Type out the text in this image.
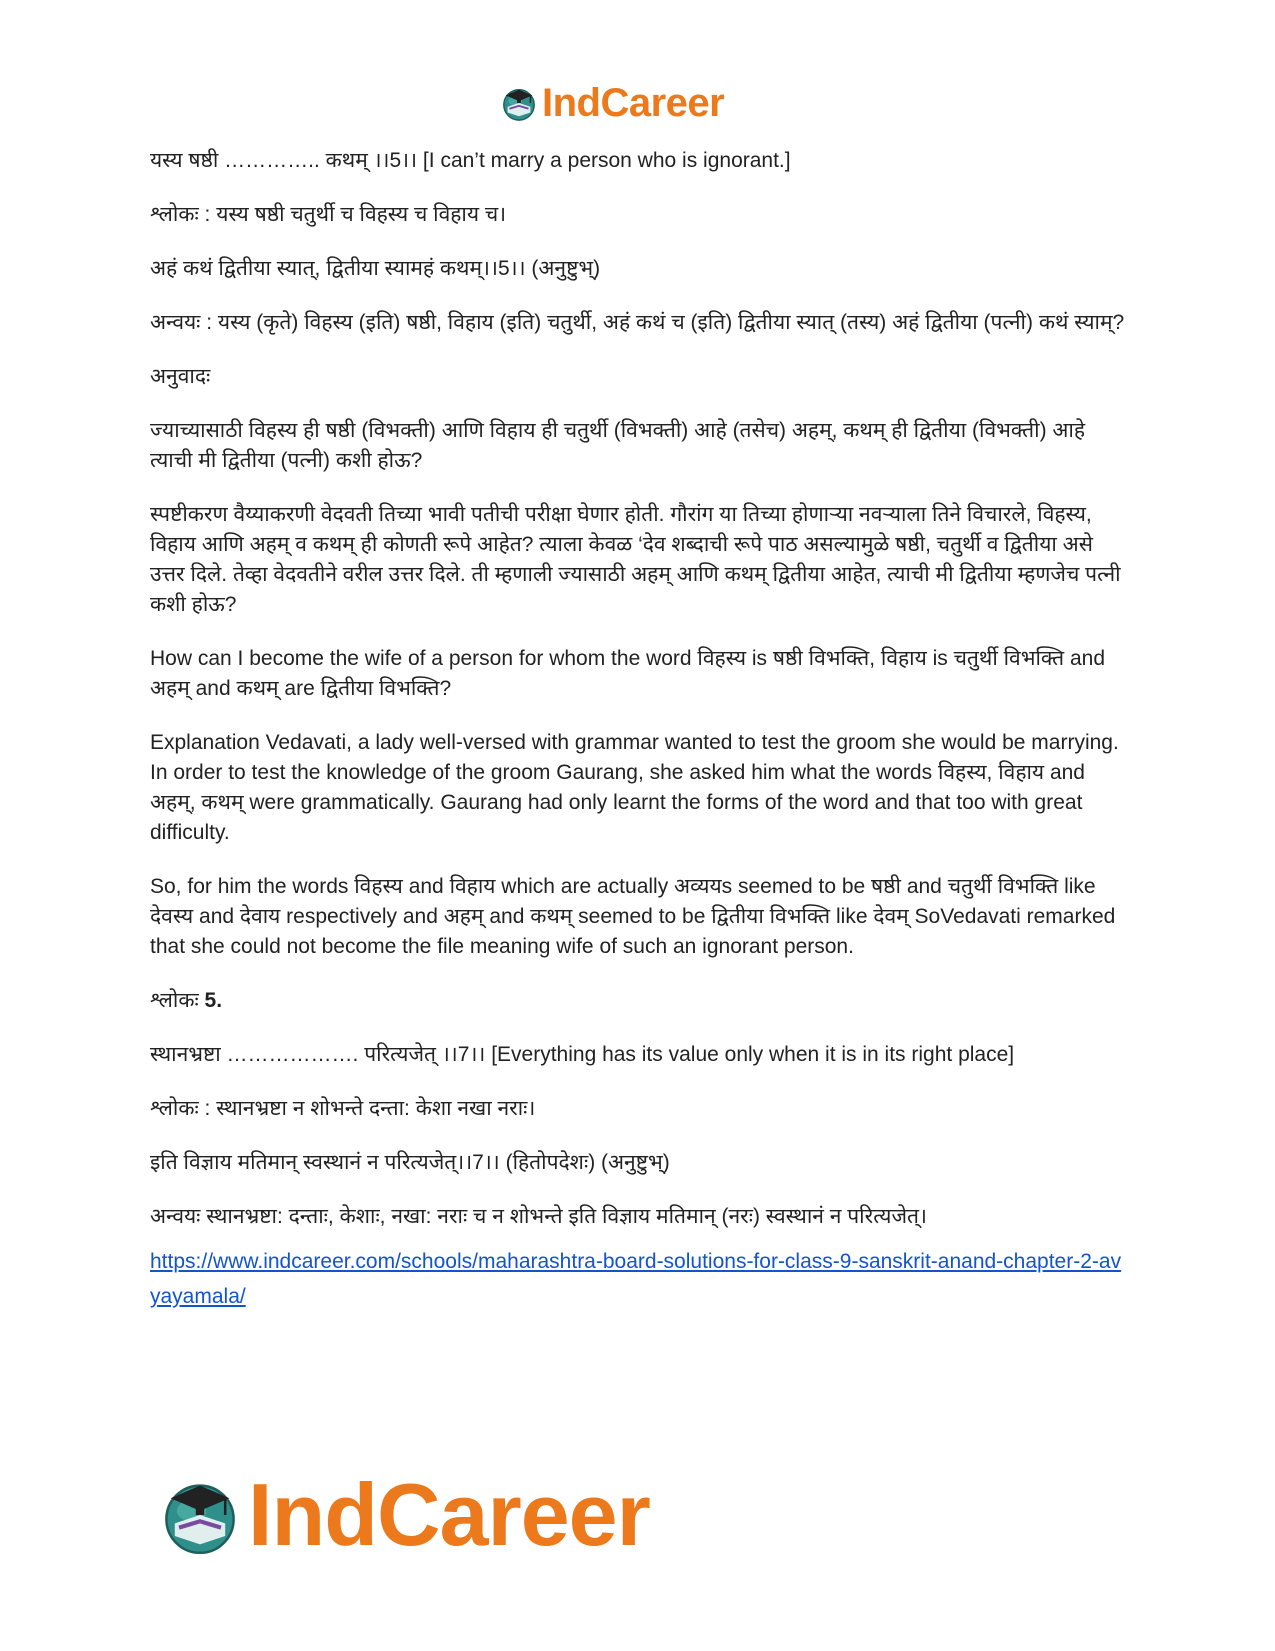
IndCareer

यस्य षष्ठी ………….. कथम् ।।5।। [I can’t marry a person who is ignorant.]

श्लोकः : यस्य षष्ठी चतुर्थी च विहस्य च विहाय च।

अहं कथं द्वितीया स्यात्, द्वितीया स्यामहं कथम्।।5।। (अनुष्टुभ्)

अन्वयः : यस्य (कृते) विहस्य (इति) षष्ठी, विहाय (इति) चतुर्थी, अहं कथं च (इति) द्वितीया स्यात् (तस्य) अहं द्वितीया (पत्नी) कथं स्याम्?

अनुवादः

ज्याच्यासाठी विहस्य ही षष्ठी (विभक्ती) आणि विहाय ही चतुर्थी (विभक्ती) आहे (तसेच) अहम्, कथम् ही द्वितीया (विभक्ती) आहे त्याची मी द्वितीया (पत्नी) कशी होऊ?

स्पष्टीकरण वैय्याकरणी वेदवती तिच्या भावी पतीची परीक्षा घेणार होती. गौरांग या तिच्या होणाऱ्या नवऱ्याला तिने विचारले, विहस्य, विहाय आणि अहम् व कथम् ही कोणती रूपे आहेत? त्याला केवळ ‘देव शब्दाची रूपे पाठ असल्यामुळे षष्ठी, चतुर्थी व द्वितीया असे उत्तर दिले. तेव्हा वेदवतीने वरील उत्तर दिले. ती म्हणाली ज्यासाठी अहम् आणि कथम् द्वितीया आहेत, त्याची मी द्वितीया म्हणजेच पत्नी कशी होऊ?

How can I become the wife of a person for whom the word विहस्य is षष्ठी विभक्ति, विहाय is चतुर्थी विभक्ति and अहम् and कथम् are द्वितीया विभक्ति?

Explanation Vedavati, a lady well-versed with grammar wanted to test the groom she would be marrying. In order to test the knowledge of the groom Gaurang, she asked him what the words विहस्य, विहाय and अहम्, कथम् were grammatically. Gaurang had only learnt the forms of the word and that too with great difficulty.

So, for him the words विहस्य and विहाय which are actually अव्ययs seemed to be षष्ठी and चतुर्थी विभक्ति like देवस्य and देवाय respectively and अहम् and कथम् seemed to be द्वितीया विभक्ति like देवम् SoVedavati remarked that she could not become the file meaning wife of such an ignorant person.

श्लोकः 5.

स्थानभ्रष्टा ………………. परित्यजेत् ।।7।। [Everything has its value only when it is in its right place]

श्लोकः : स्थानभ्रष्टा न शोभन्ते दन्ता: केशा नखा नराः।

इति विज्ञाय मतिमान् स्वस्थानं न परित्यजेत्।।7।। (हितोपदेशः) (अनुष्टुभ्)

अन्वयः स्थानभ्रष्टा: दन्ताः, केशाः, नखा: नराः च न शोभन्ते इति विज्ञाय मतिमान् (नरः) स्वस्थानं न परित्यजेत्।

https://www.indcareer.com/schools/maharashtra-board-solutions-for-class-9-sanskrit-anand-chapter-2-avyayamala/
IndCareer
